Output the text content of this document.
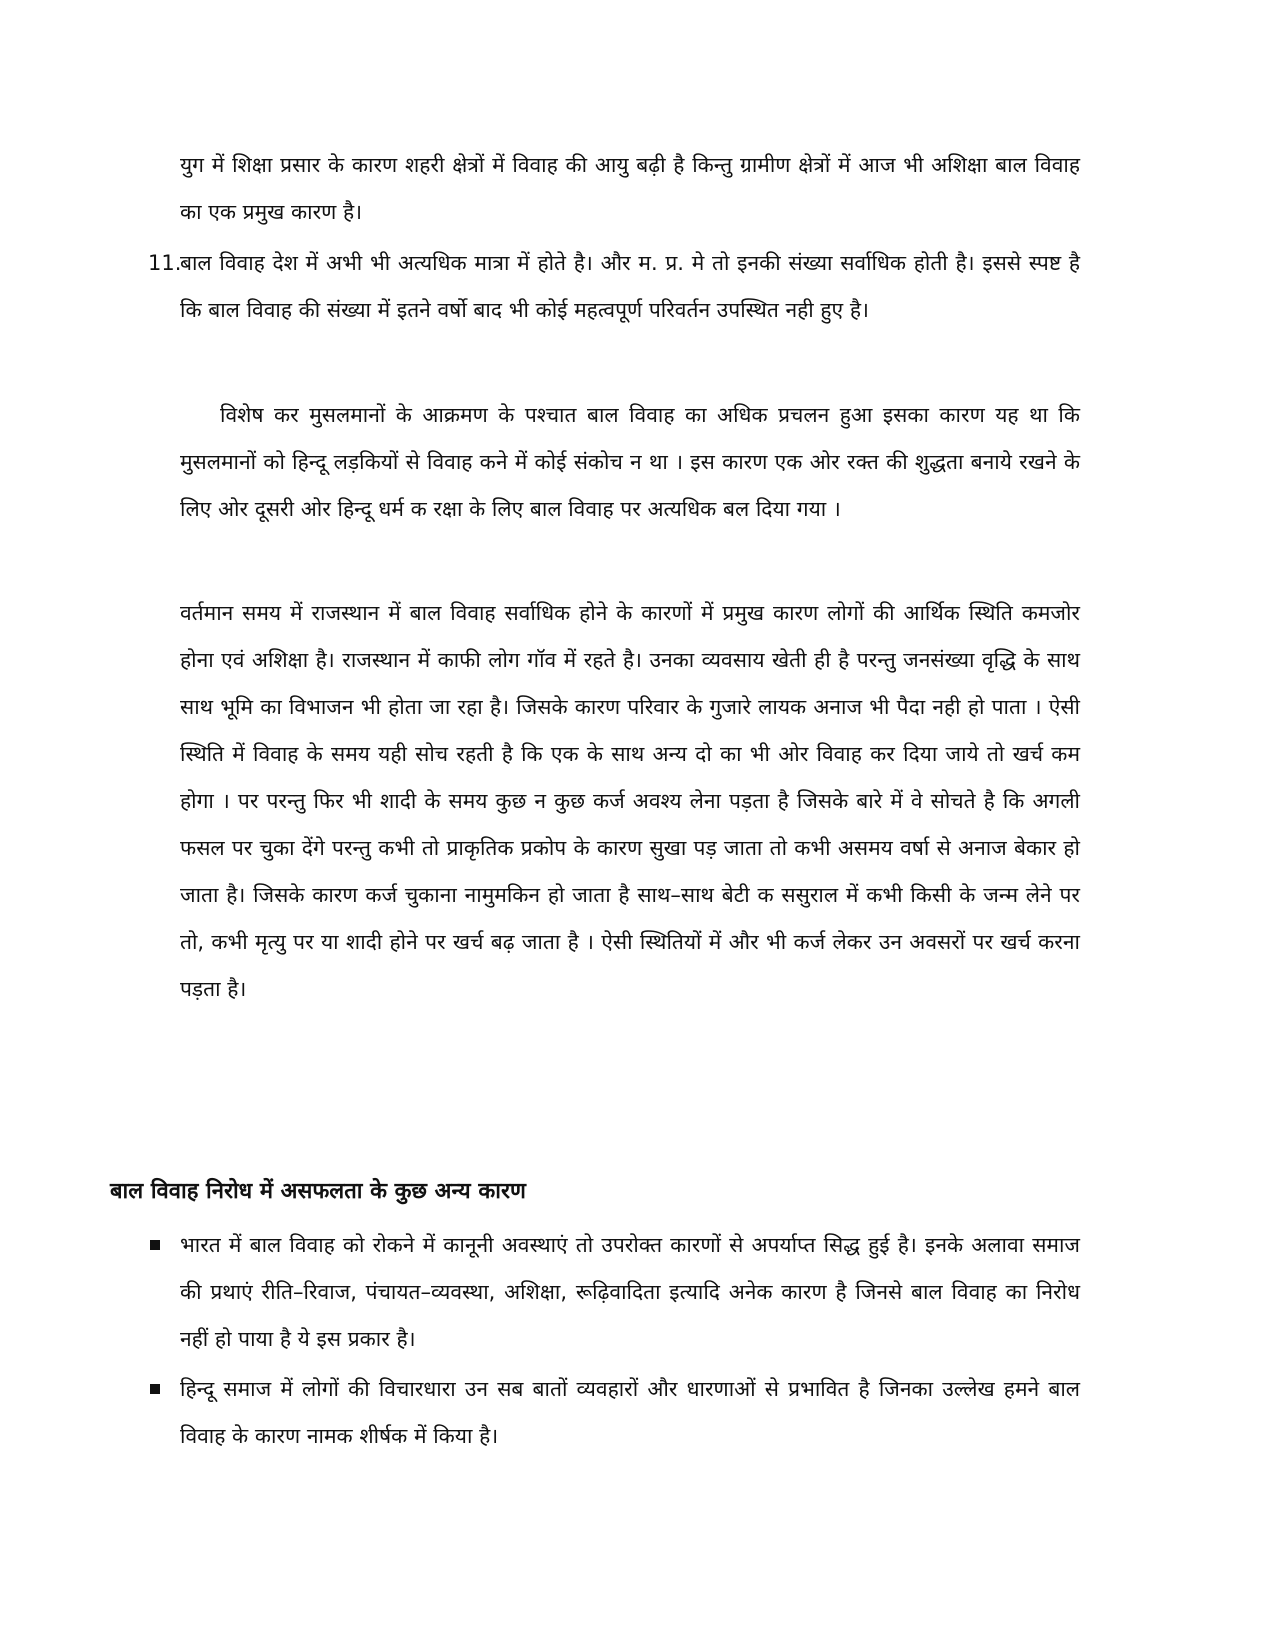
युग में शिक्षा प्रसार के कारण शहरी क्षेत्रों में विवाह की आयु बढ़ी है किन्तु ग्रामीण क्षेत्रों में आज भी अशिक्षा बाल विवाह का एक प्रमुख कारण है।

11.

बाल विवाह देश में अभी भी अत्यधिक मात्रा में होते है। और म. प्र. मे तो इनकी संख्या सर्वाधिक होती है। इससे स्पष्ट है कि बाल विवाह की संख्या में इतने वर्षो बाद भी कोई महत्वपूर्ण परिवर्तन उपस्थित नही हुए है।

विशेष कर मुसलमानों के आक्रमण के पश्चात बाल विवाह का अधिक प्रचलन हुआ इसका कारण यह था कि मुसलमानों को हिन्दू लड़कियों से विवाह कने में कोई संकोच न था । इस कारण एक ओर रक्त की शुद्धता बनाये रखने के लिए ओर दूसरी ओर हिन्दू धर्म क रक्षा के लिए बाल विवाह पर अत्यधिक बल दिया गया ।

वर्तमान समय में राजस्थान में बाल विवाह सर्वाधिक होने के कारणों में प्रमुख कारण लोगों की आर्थिक स्थिति कमजोर होना एवं अशिक्षा है। राजस्थान में काफी लोग गॉव में रहते है। उनका व्यवसाय खेती ही है परन्तु जनसंख्या वृद्धि के साथ साथ भूमि का विभाजन भी होता जा रहा है। जिसके कारण परिवार के गुजारे लायक अनाज भी पैदा नही हो पाता । ऐसी स्थिति में विवाह के समय यही सोच रहती है कि एक के साथ अन्य दो का भी ओर विवाह कर दिया जाये तो खर्च कम होगा । पर परन्तु फिर भी शादी के समय कुछ न कुछ कर्ज अवश्य लेना पड़ता है जिसके बारे में वे सोचते है कि अगली फसल पर चुका देंगे परन्तु कभी तो प्राकृतिक प्रकोप के कारण सुखा पड़ जाता तो कभी असमय वर्षा से अनाज बेकार हो जाता है। जिसके कारण कर्ज चुकाना नामुमकिन हो जाता है साथ–साथ बेटी क ससुराल में कभी किसी के जन्म लेने पर तो, कभी मृत्यु पर या शादी होने पर खर्च बढ़ जाता है । ऐसी स्थितियों में और भी कर्ज लेकर उन अवसरों पर खर्च करना पड़ता है।

बाल विवाह निरोध में असफलता के कुछ अन्य कारण

भारत में बाल विवाह को रोकने में कानूनी अवस्थाएं तो उपरोक्त कारणों से अपर्याप्त सिद्ध हुई है। इनके अलावा समाज की प्रथाएं रीति–रिवाज, पंचायत–व्यवस्था, अशिक्षा, रूढ़िवादिता इत्यादि अनेक कारण है जिनसे बाल विवाह का निरोध नहीं हो पाया है ये इस प्रकार है।

हिन्दू समाज में लोगों की विचारधारा उन सब बातों व्यवहारों और धारणाओं से प्रभावित है जिनका उल्लेख हमने बाल विवाह के कारण नामक शीर्षक में किया है।
